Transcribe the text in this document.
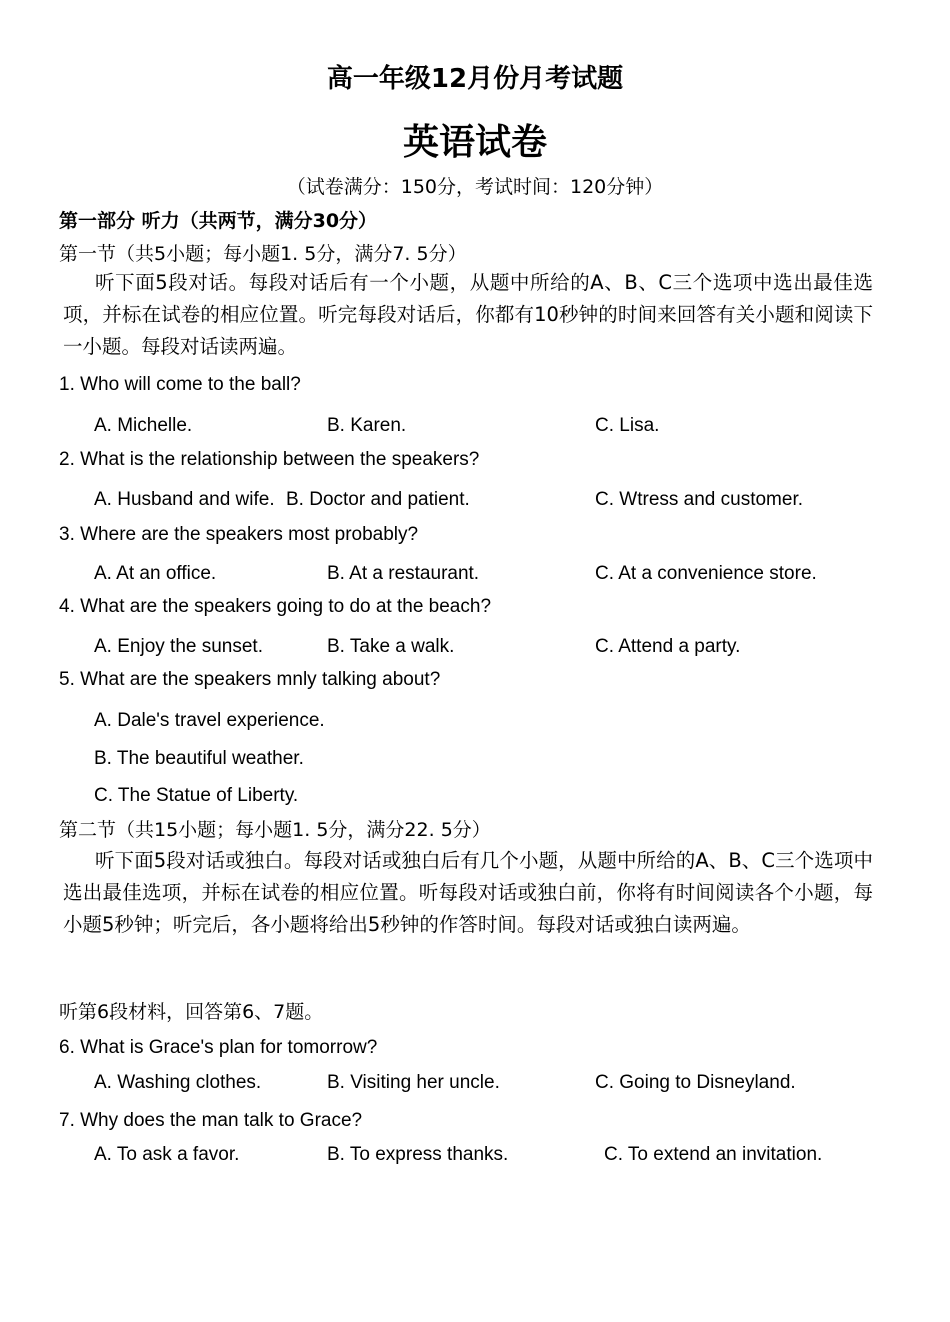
高一年级12月份月考试题
英语试卷
（试卷满分：150分，考试时间：120分钟）
第一部分 听力（共两节，满分30分）
第一节（共5小题；每小题1. 5分，满分7. 5分）
听下面5段对话。每段对话后有一个小题，从题中所给的A、B、C三个选项中选出最佳选项，并标在试卷的相应位置。听完每段对话后，你都有10秒钟的时间来回答有关小题和阅读下一小题。每段对话读两遍。
1. Who will come to the ball?
A. Michelle.	B. Karen.	C. Lisa.
2. What is the relationship between the speakers?
A. Husband and wife. B. Doctor and patient.	C. Wtress and customer.
3. Where are the speakers most probably?
A. At an office.	B. At a restaurant.	C. At a convenience store.
4. What are the speakers going to do at the beach?
A. Enjoy the sunset.	B. Take a walk.	C. Attend a party.
5. What are the speakers mnly talking about?
A. Dale's travel experience.
B. The beautiful weather.
C. The Statue of Liberty.
第二节（共15小题；每小题1. 5分，满分22. 5分）
听下面5段对话或独白。每段对话或独白后有几个小题，从题中所给的A、B、C三个选项中选出最佳选项，并标在试卷的相应位置。听每段对话或独白前，你将有时间阅读各个小题，每小题5秒钟；听完后，各小题将给出5秒钟的作答时间。每段对话或独白读两遍。
听第6段材料，回答第6、7题。
6. What is Grace's plan for tomorrow?
A. Washing clothes.	B. Visiting her uncle.	C. Going to Disneyland.
7. Why does the man talk to Grace?
A. To ask a favor.	B. To express thanks.	C. To extend an invitation.
